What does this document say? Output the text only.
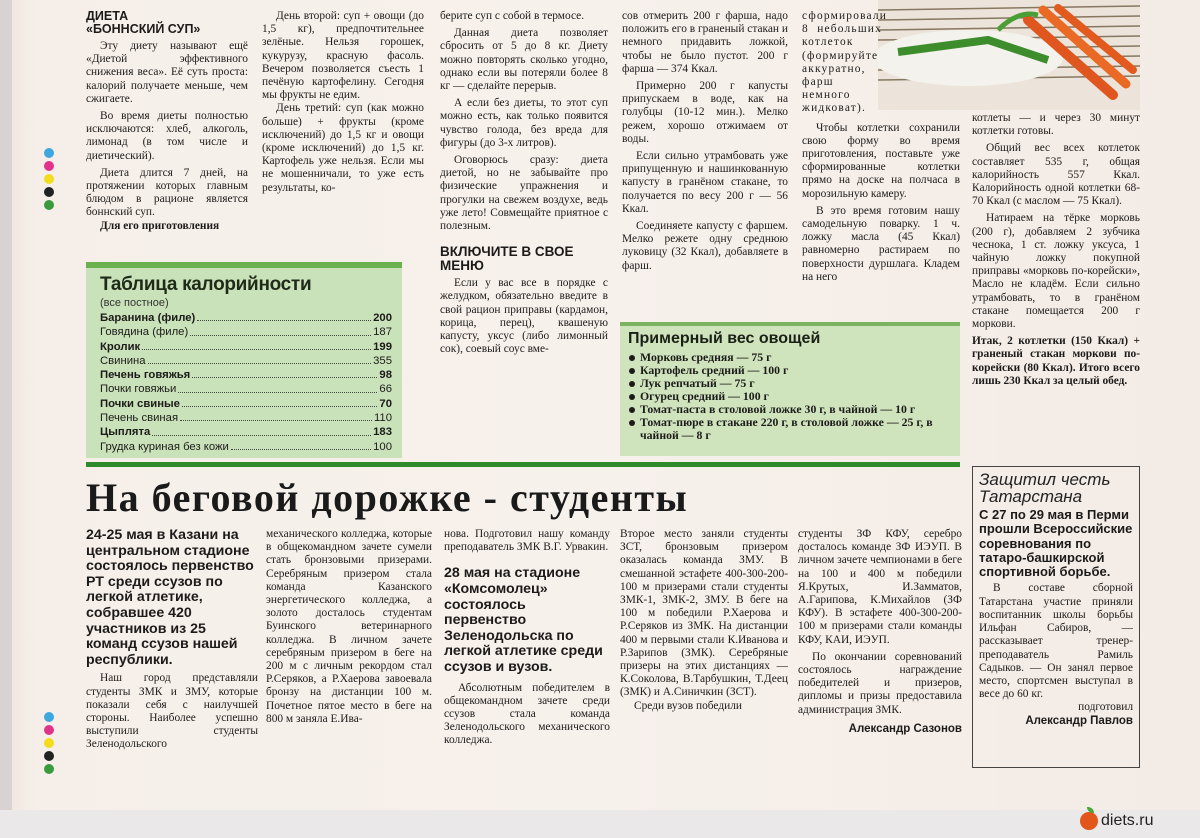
ДИЕТА

«БОННСКИЙ СУП»

Эту диету называют ещё «Диетой эффективного снижения веса». Её суть проста: калорий получаете меньше, чем сжигаете.

Во время диеты полностью исключаются: хлеб, алкоголь, лимонад (в том числе и диетический).

Диета длится 7 дней, на протяжении которых главным блюдом в рационе является боннский суп.

Для его приготовления

День второй: суп + овощи (до 1,5 кг), предпочтительнее зелёные. Нельзя горошек, кукурузу, красную фасоль. Вечером позволяется съесть 1 печёную картофелину. Сегодня мы фрукты не едим.

День третий: суп (как можно больше) + фрукты (кроме исключений) до 1,5 кг и овощи (кроме исключений) до 1,5 кг. Картофель уже нельзя. Если мы не мошенничали, то уже есть результаты, ко-

Таблица калорийности
(все постное)
Баранина (филе)	200
Говядина (филе)	187
Кролик	199
Свинина	355
Печень говяжья	98
Почки говяжьи	66
Почки свиные	70
Печень свиная	110
Цыплята	183
Грудка куриная без кожи	100

берите суп с собой в термосе.

Данная диета позволяет сбросить от 5 до 8 кг. Диету можно повторять сколько угодно, однако если вы потеряли более 8 кг — сделайте перерыв.

А если без диеты, то этот суп можно есть, как только появится чувство голода, без вреда для фигуры (до 3-х литров).

Оговорюсь сразу: диета диетой, но не забывайте про физические упражнения и прогулки на свежем воздухе, ведь уже лето! Совмещайте приятное с полезным.

ВКЛЮЧИТЕ В СВОЕ МЕНЮ

Если у вас все в порядке с желудком, обязательно введите в свой рацион приправы (кардамон, корица, перец), квашеную капусту, уксус (либо лимонный сок), соевый соус вме-

сов отмерить 200 г фарша, надо положить его в граненый стакан и немного придавить ложкой, чтобы не было пустот. 200 г фарша — 374 Ккал.

Примерно 200 г капусты припускаем в воде, как на голубцы (10-12 мин.). Мелко режем, хорошо отжимаем от воды.

Если сильно утрамбовать уже припущенную и нашинкованную капусту в гранёном стакане, то получается по весу 200 г — 56 Ккал.

Соединяете капусту с фаршем. Мелко режете одну среднюю луковицу (32 Ккал), добавляете в фарш.

сформировали 8 небольших котлеток (формируйте аккуратно, фарш немного жидковат).

Чтобы котлетки сохранили свою форму во время приготовления, поставьте уже сформированные котлетки прямо на доске на полчаса в морозильную камеру.

В это время готовим нашу самодельную поварку. 1 ч. ложку масла (45 Ккал) равномерно растираем по поверхности дуршлага. Кладем на него

котлеты — и через 30 минут котлетки готовы.

Общий вес всех котлеток составляет 535 г, общая калорийность 557 Ккал. Калорийность одной котлетки 68-70 Ккал (с маслом — 75 Ккал).

Натираем на тёрке морковь (200 г), добавляем 2 зубчика чеснока, 1 ст. ложку уксуса, 1 чайную ложку покупной приправы «морковь по-корейски», Масло не кладём. Если сильно утрамбовать, то в гранёном стакане помещается 200 г моркови.

Итак, 2 котлетки (150 Ккал) + граненый стакан моркови по-корейски (80 Ккал). Итого всего лишь 230 Ккал за целый обед.

Примерный вес овощей
Морковь средняя — 75 г
Картофель средний — 100 г
Лук репчатый — 75 г
Огурец средний — 100 г
Томат-паста в столовой ложке 30 г, в чайной — 10 г
Томат-пюре в стакане 220 г, в столовой ложке — 25 г, в чайной — 8 г
На беговой дорожке - студенты

24-25 мая в Казани на центральном стадионе состоялось первенство РТ среди ссузов по легкой атлетике, собравшее 420 участников из 25 команд ссузов нашей республики.

Наш город представляли студенты ЗМК и ЗМУ, которые показали себя с наилучшей стороны. Наиболее успешно выступили студенты Зеленодольского

механического колледжа, которые в общекомандном зачете сумели стать бронзовыми призерами. Серебряным призером стала команда Казанского энергетического колледжа, а золото досталось студентам Буинского ветеринарного колледжа. В личном зачете серебряным призером в беге на 200 м с личным рекордом стал Р.Серяков, а Р.Хаерова завоевала бронзу на дистанции 100 м. Почетное пятое место в беге на 800 м заняла Е.Ива-

нова. Подготовил нашу команду преподаватель ЗМК В.Г. Урвакин.

28 мая на стадионе «Комсомолец» состоялось первенство Зеленодольска по легкой атлетике среди ссузов и вузов.

Абсолютным победителем в общекомандном зачете среди ссузов стала команда Зеленодольского механического колледжа.

Второе место заняли студенты ЗСТ, бронзовым призером оказалась команда ЗМУ. В смешанной эстафете 400-300-200-100 м призерами стали студенты ЗМК-1, ЗМК-2, ЗМУ. В беге на 100 м победили Р.Хаерова и Р.Серяков из ЗМК. На дистанции 400 м первыми стали К.Иванова и Р.Зарипов (ЗМК). Серебряные призеры на этих дистанциях — К.Соколова, В.Тарбушкин, Т.Деец (ЗМК) и А.Синичкин (ЗСТ).

Среди вузов победили

студенты ЗФ КФУ, серебро досталось команде ЗФ ИЭУП. В личном зачете чемпионами в беге на 100 и 400 м победили Я.Крутых, И.Замматов, А.Гарипова, К.Михайлов (ЗФ КФУ). В эстафете 400-300-200-100 м призерами стали команды КФУ, КАИ, ИЭУП.

По окончании соревнований состоялось награждение победителей и призеров, дипломы и призы предоставила администрация ЗМК.

Александр Сазонов

Защитил честь Татарстана
С 27 по 29 мая в Перми прошли Всероссийские соревнования по татаро-башкирской спортивной борьбе.

В составе сборной Татарстана участие приняли воспитанник школы борьбы Ильфан Сабиров, — рассказывает тренер-преподаватель Рамиль Садыков. — Он занял первое место, спортсмен выступал в весе до 60 кг.

подготовил

Александр Павлов

diets.ru
